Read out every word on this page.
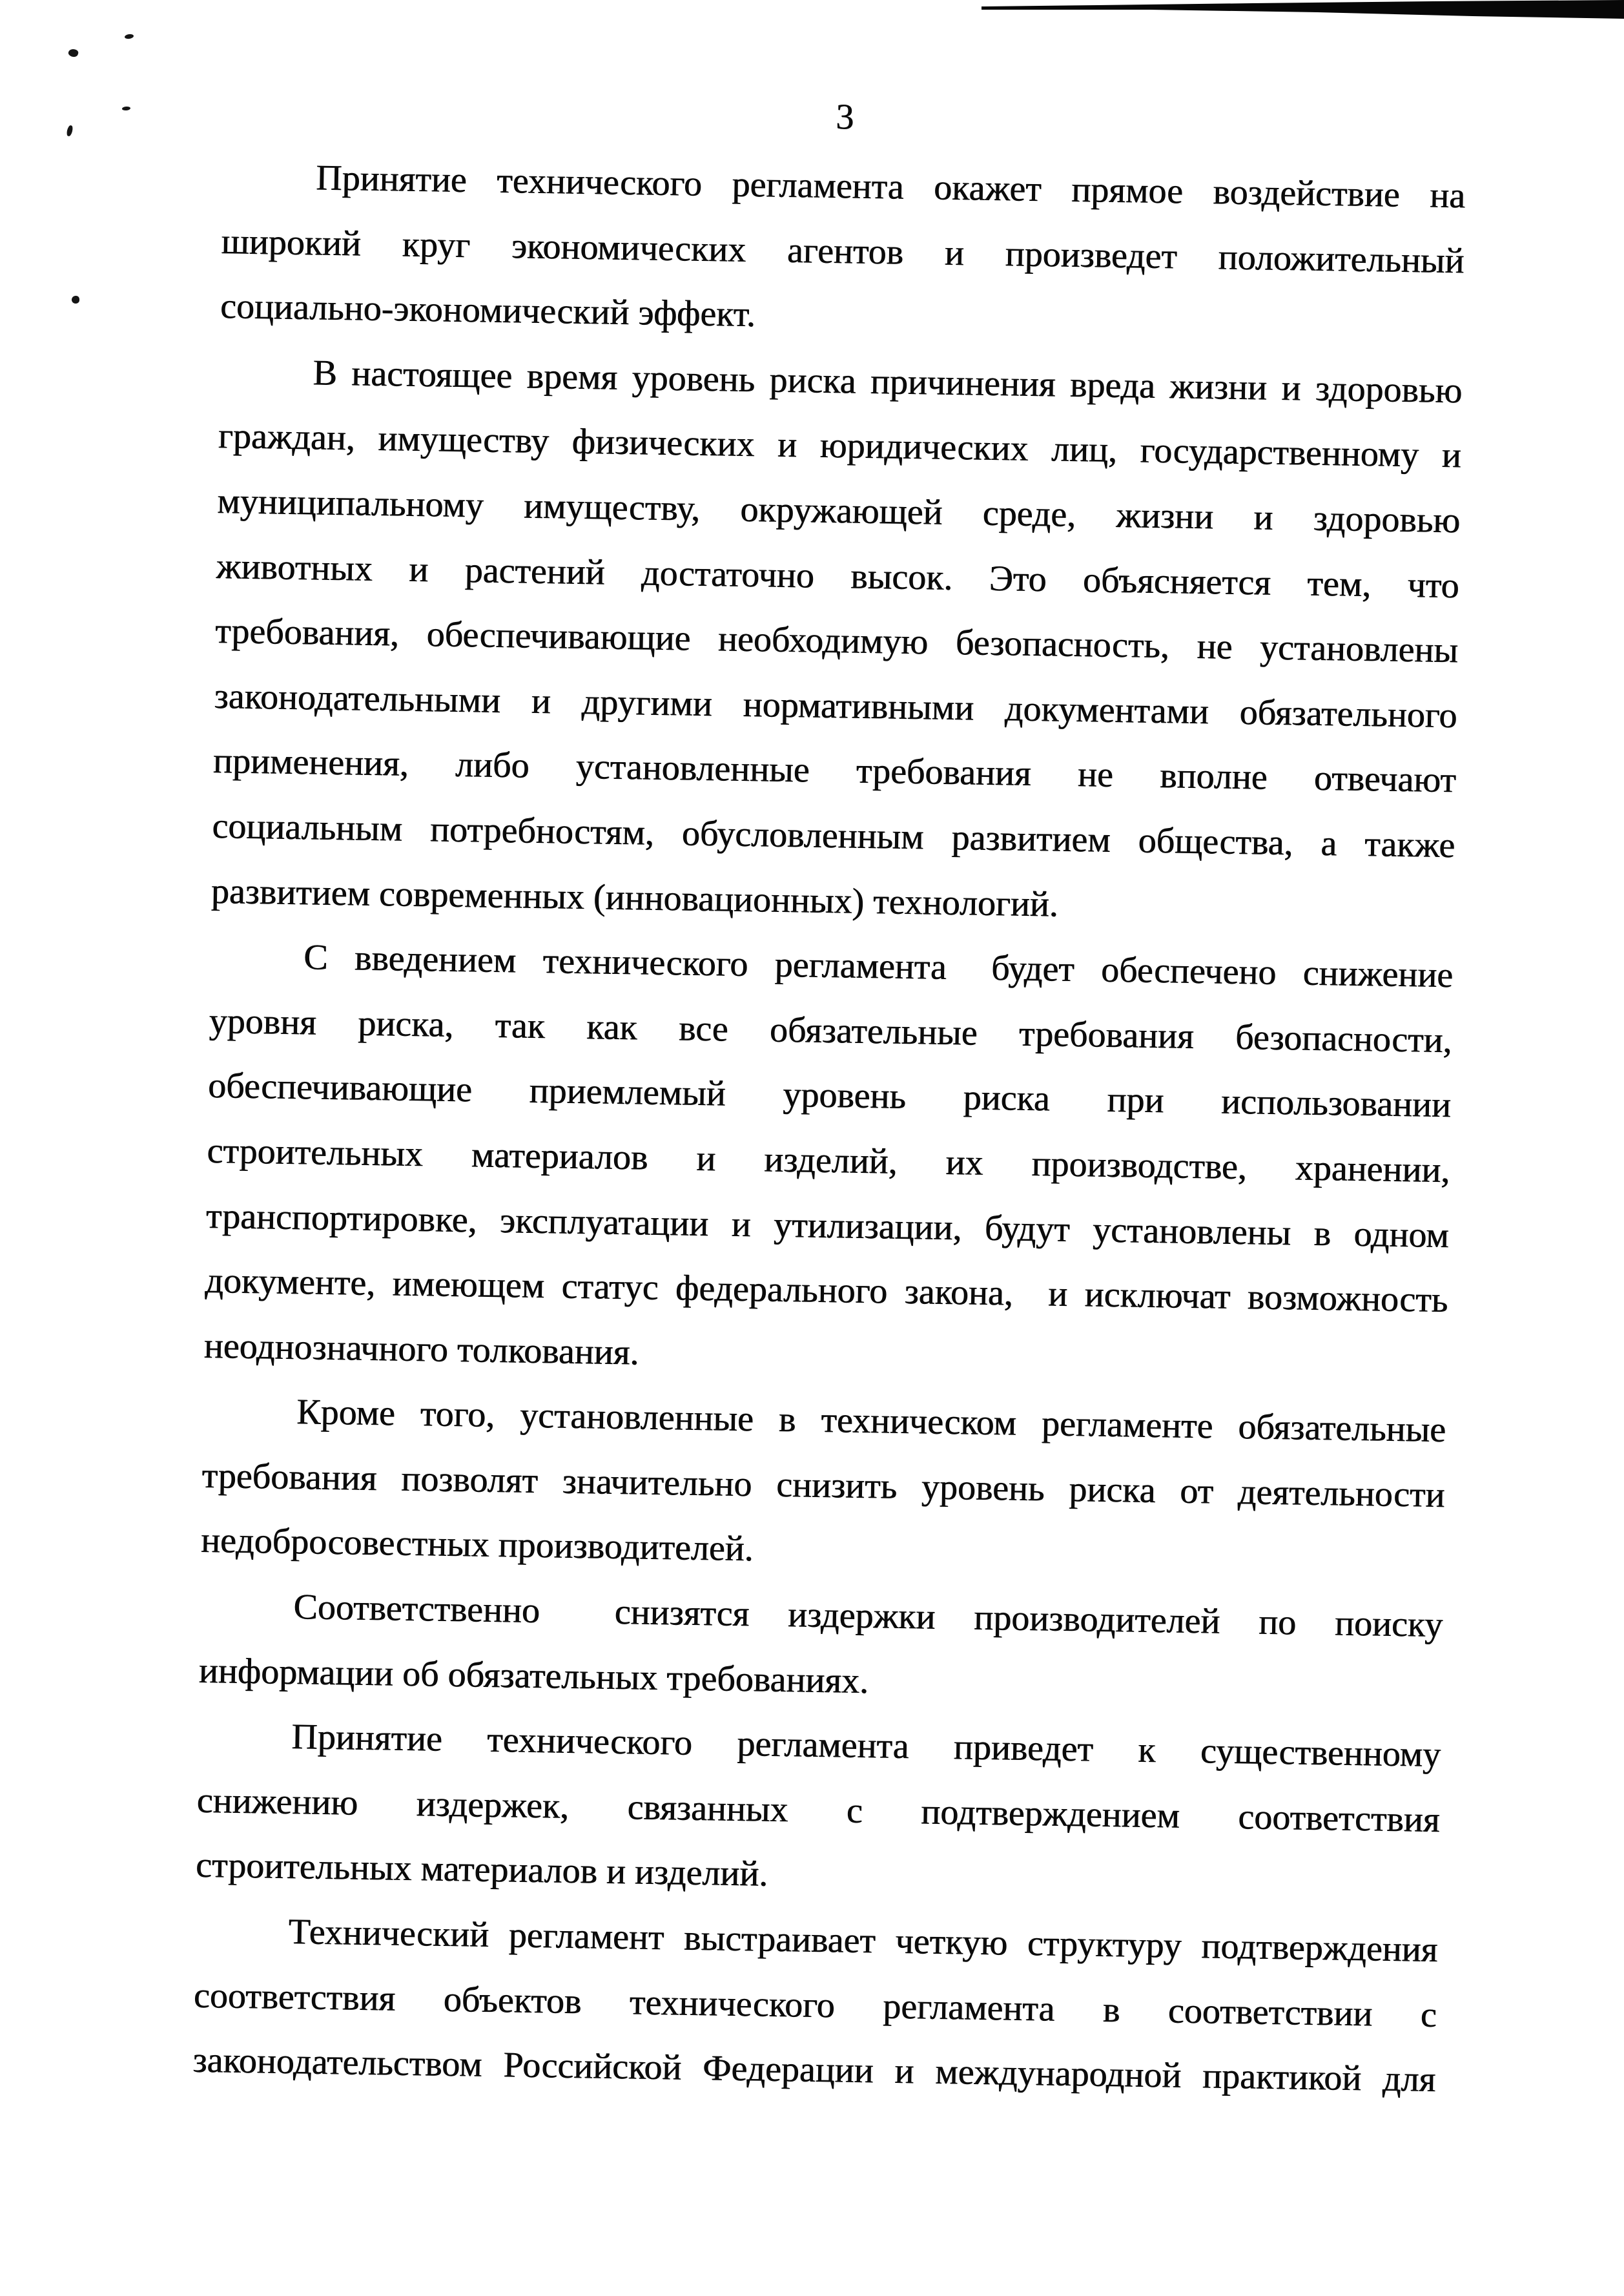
3
Принятие технического регламента окажет прямое воздействие на
широкий круг экономических агентов и произведет положительный
социально-экономический эффект.
В настоящее время уровень риска причинения вреда жизни и здоровью
граждан, имуществу физических и юридических лиц, государственному и
муниципальному имуществу, окружающей среде, жизни и здоровью
животных и растений достаточно высок. Это объясняется тем, что
требования, обеспечивающие необходимую безопасность, не установлены
законодательными и другими нормативными документами обязательного
применения, либо установленные требования не вполне отвечают
социальным потребностям, обусловленным развитием общества, а также
развитием современных (инновационных) технологий.
С введением технического регламента  будет обеспечено снижение
уровня риска, так как все обязательные требования безопасности,
обеспечивающие приемлемый уровень риска при использовании
строительных материалов и изделий, их производстве, хранении,
транспортировке, эксплуатации и утилизации, будут установлены в одном
документе, имеющем статус федерального закона,  и исключат возможность
неоднозначного толкования.
Кроме того, установленные в техническом регламенте обязательные
требования позволят значительно снизить уровень риска от деятельности
недобросовестных производителей.
Соответственно   снизятся издержки производителей по поиску
информации об обязательных требованиях.
Принятие технического регламента приведет к существенному
снижению издержек, связанных с подтверждением соответствия
строительных материалов и изделий.
Технический регламент выстраивает четкую структуру подтверждения
соответствия объектов технического регламента в соответствии с
законодательством Российской Федерации и международной практикой для
